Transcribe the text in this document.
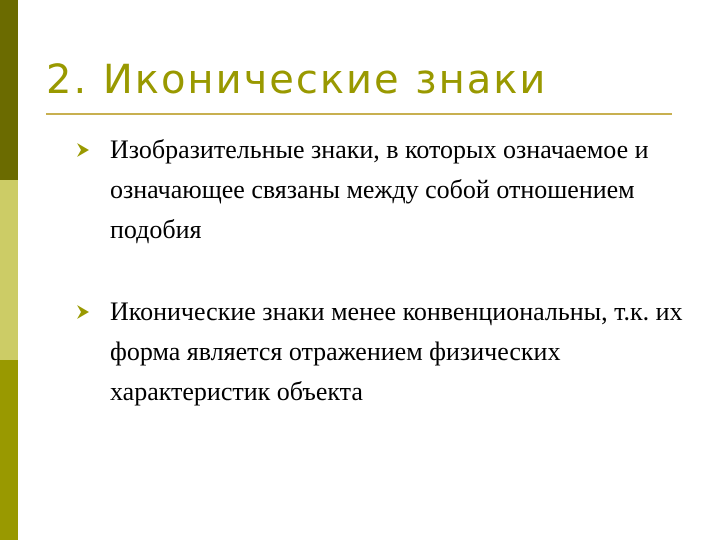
2. Иконические знаки
Изобразительные знаки, в которых означаемое и означающее связаны между собой отношением подобия
Иконические знаки менее конвенциональны, т.к. их форма является отражением физических характеристик объекта
